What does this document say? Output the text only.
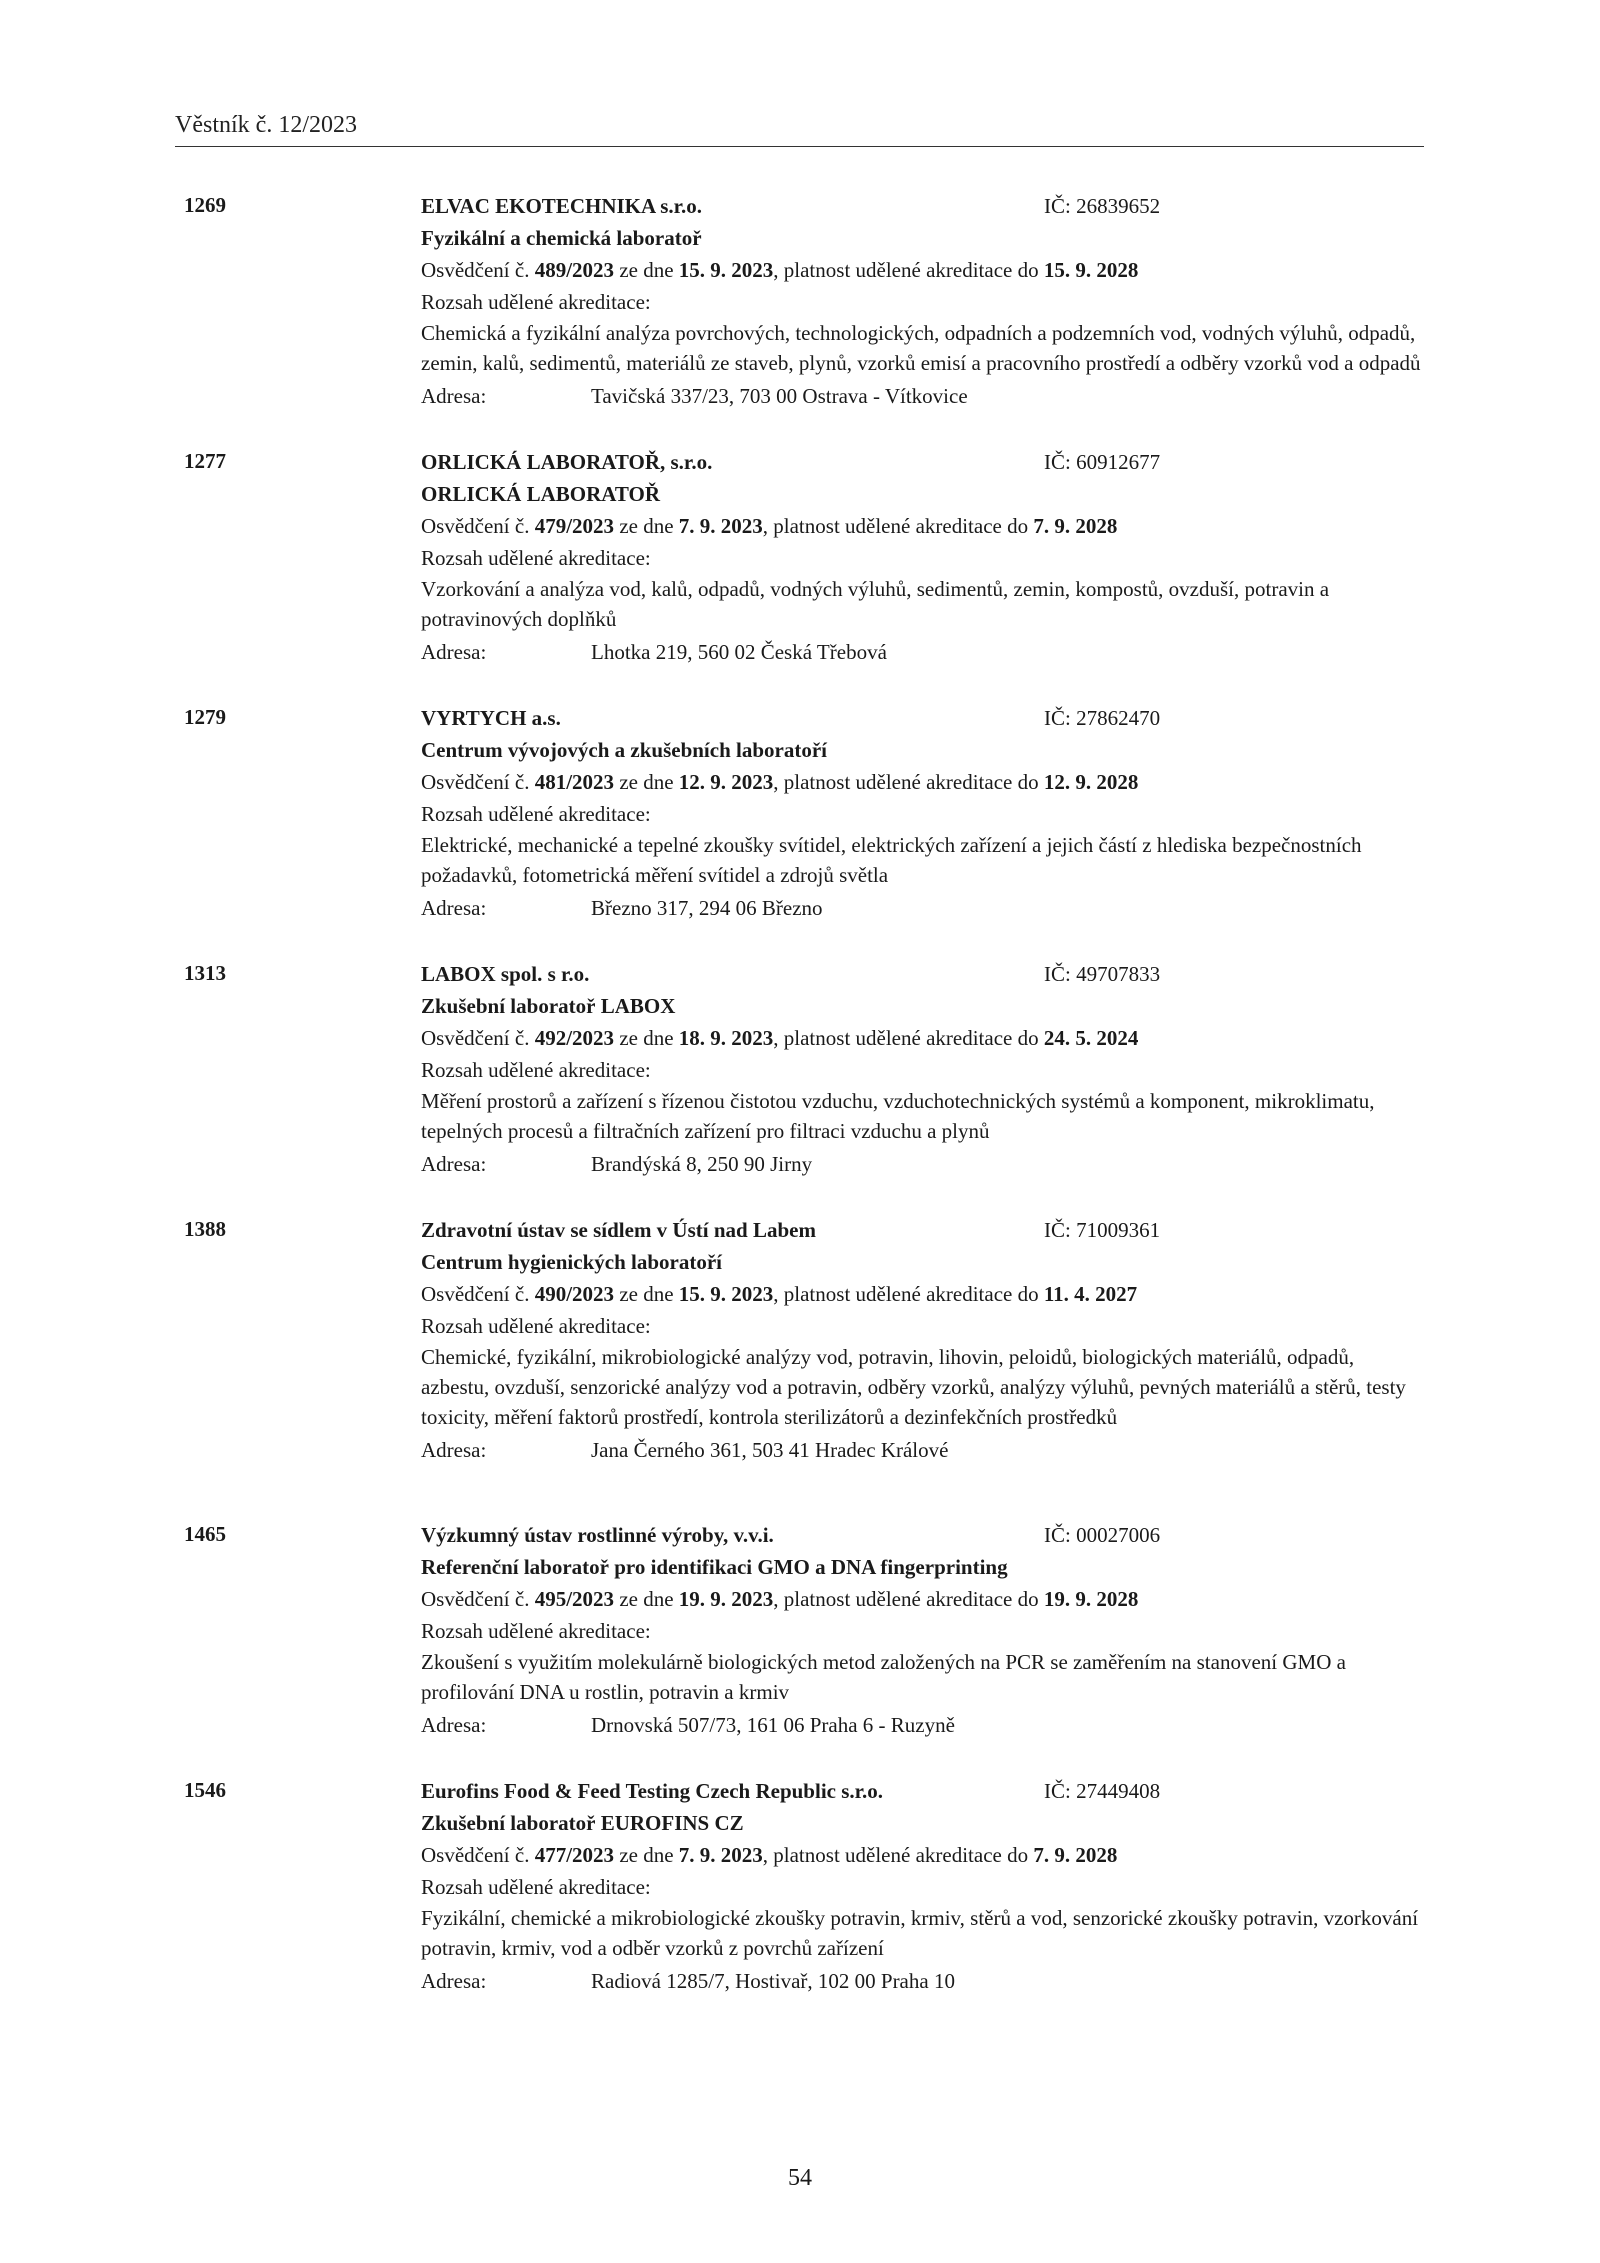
Věstník č. 12/2023
1269	ELVAC EKOTECHNIKA s.r.o.	IČ: 26839652
Fyzikální a chemická laboratoř
Osvědčení č. 489/2023 ze dne 15. 9. 2023, platnost udělené akreditace do 15. 9. 2028
Rozsah udělené akreditace:
Chemická a fyzikální analýza povrchových, technologických, odpadních a podzemních vod, vodných výluhů, odpadů, zemin, kalů, sedimentů, materiálů ze staveb, plynů, vzorků emisí a pracovního prostředí a odběry vzorků vod a odpadů
Adresa:	Tavičská 337/23, 703 00 Ostrava - Vítkovice
1277	ORLICKÁ LABORATOŘ, s.r.o.	IČ: 60912677
ORLICKÁ LABORATOŘ
Osvědčení č. 479/2023 ze dne 7. 9. 2023, platnost udělené akreditace do 7. 9. 2028
Rozsah udělené akreditace:
Vzorkování a analýza vod, kalů, odpadů, vodných výluhů, sedimentů, zemin, kompostů, ovzduší, potravin a potravinových doplňků
Adresa:	Lhotka 219, 560 02 Česká Třebová
1279	VYRTYCH a.s.	IČ: 27862470
Centrum vývojových a zkušebních laboratoří
Osvědčení č. 481/2023 ze dne 12. 9. 2023, platnost udělené akreditace do 12. 9. 2028
Rozsah udělené akreditace:
Elektrické, mechanické a tepelné zkoušky svítidel, elektrických zařízení a jejich částí z hlediska bezpečnostních požadavků, fotometrická měření svítidel a zdrojů světla
Adresa:	Březno 317, 294 06 Březno
1313	LABOX spol. s r.o.	IČ: 49707833
Zkušební laboratoř LABOX
Osvědčení č. 492/2023 ze dne 18. 9. 2023, platnost udělené akreditace do 24. 5. 2024
Rozsah udělené akreditace:
Měření prostorů a zařízení s řízenou čistotou vzduchu, vzduchotechnických systémů a komponent, mikroklimatu, tepelných procesů a filtračních zařízení pro filtraci vzduchu a plynů
Adresa:	Brandýská 8, 250 90 Jirny
1388	Zdravotní ústav se sídlem v Ústí nad Labem	IČ: 71009361
Centrum hygienických laboratoří
Osvědčení č. 490/2023 ze dne 15. 9. 2023, platnost udělené akreditace do 11. 4. 2027
Rozsah udělené akreditace:
Chemické, fyzikální, mikrobiologické analýzy vod, potravin, lihovin, peloidů, biologických materiálů, odpadů, azbestu, ovzduší, senzorické analýzy vod a potravin, odběry vzorků, analýzy výluhů, pevných materiálů a stěrů, testy toxicity, měření faktorů prostředí, kontrola sterilizátorů a dezinfekčních prostředků
Adresa:	Jana Černého 361, 503 41 Hradec Králové
1465	Výzkumný ústav rostlinné výroby, v.v.i.	IČ: 00027006
Referenční laboratoř pro identifikaci GMO a DNA fingerprinting
Osvědčení č. 495/2023 ze dne 19. 9. 2023, platnost udělené akreditace do 19. 9. 2028
Rozsah udělené akreditace:
Zkoušení s využitím molekulárně biologických metod založených na PCR se zaměřením na stanovení GMO a profilování DNA u rostlin, potravin a krmiv
Adresa:	Drnovská 507/73, 161 06 Praha 6 - Ruzyně
1546	Eurofins Food & Feed Testing Czech Republic s.r.o.	IČ: 27449408
Zkušební laboratoř EUROFINS CZ
Osvědčení č. 477/2023 ze dne 7. 9. 2023, platnost udělené akreditace do 7. 9. 2028
Rozsah udělené akreditace:
Fyzikální, chemické a mikrobiologické zkoušky potravin, krmiv, stěrů a vod, senzorické zkoušky potravin, vzorkování potravin, krmiv, vod a odběr vzorků z povrchů zařízení
Adresa:	Radiová 1285/7, Hostivař, 102 00 Praha 10
54
